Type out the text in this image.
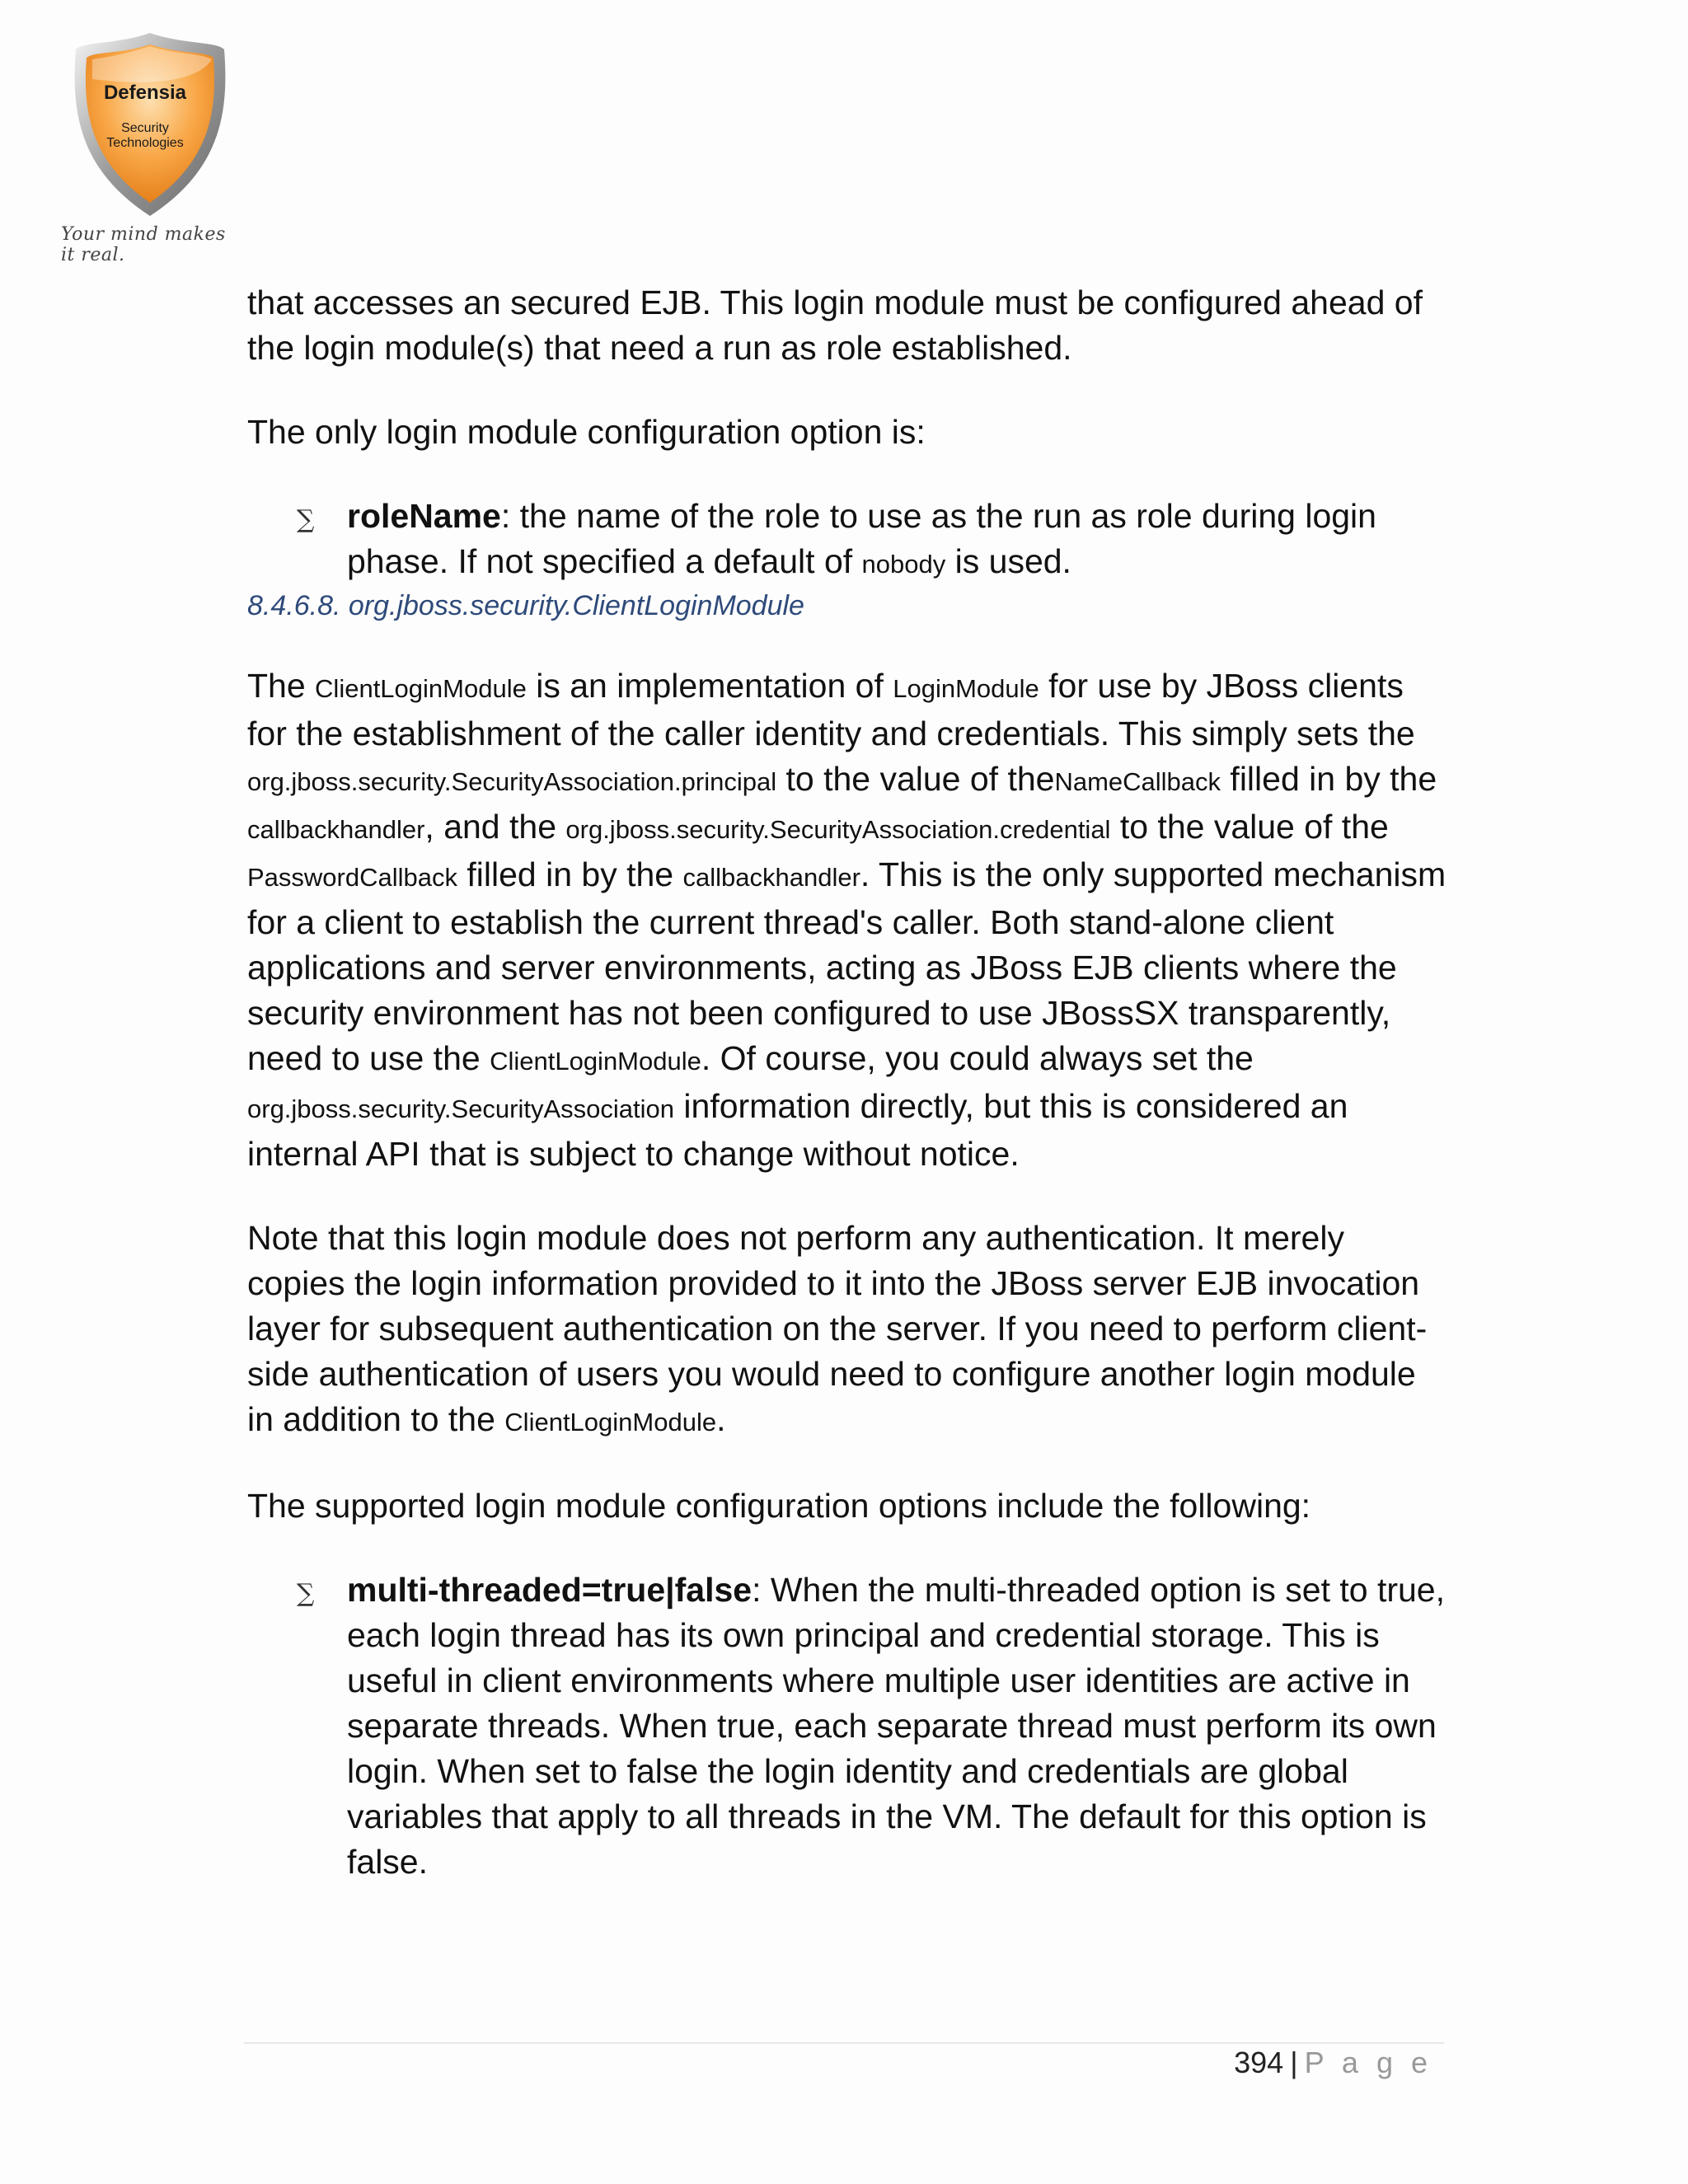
Defensia
Security
Technologies
Your mind makes it real.

that accesses an secured EJB. This login module must be configured ahead of the login module(s) that need a run as role established.

The only login module configuration option is:

∑ roleName: the name of the role to use as the run as role during login phase. If not specified a default of nobody is used.

8.4.6.8. org.jboss.security.ClientLoginModule

The ClientLoginModule is an implementation of LoginModule for use by JBoss clients for the establishment of the caller identity and credentials. This simply sets the org.jboss.security.SecurityAssociation.principal to the value of theNameCallback filled in by the callbackhandler, and the org.jboss.security.SecurityAssociation.credential to the value of the PasswordCallback filled in by the callbackhandler. This is the only supported mechanism for a client to establish the current thread's caller. Both stand-alone client applications and server environments, acting as JBoss EJB clients where the security environment has not been configured to use JBossSX transparently, need to use the ClientLoginModule. Of course, you could always set the org.jboss.security.SecurityAssociation information directly, but this is considered an internal API that is subject to change without notice.

Note that this login module does not perform any authentication. It merely copies the login information provided to it into the JBoss server EJB invocation layer for subsequent authentication on the server. If you need to perform client-side authentication of users you would need to configure another login module in addition to the ClientLoginModule.

The supported login module configuration options include the following:

∑ multi-threaded=true|false: When the multi-threaded option is set to true, each login thread has its own principal and credential storage. This is useful in client environments where multiple user identities are active in separate threads. When true, each separate thread must perform its own login. When set to false the login identity and credentials are global variables that apply to all threads in the VM. The default for this option is false.
394 | P a g e
